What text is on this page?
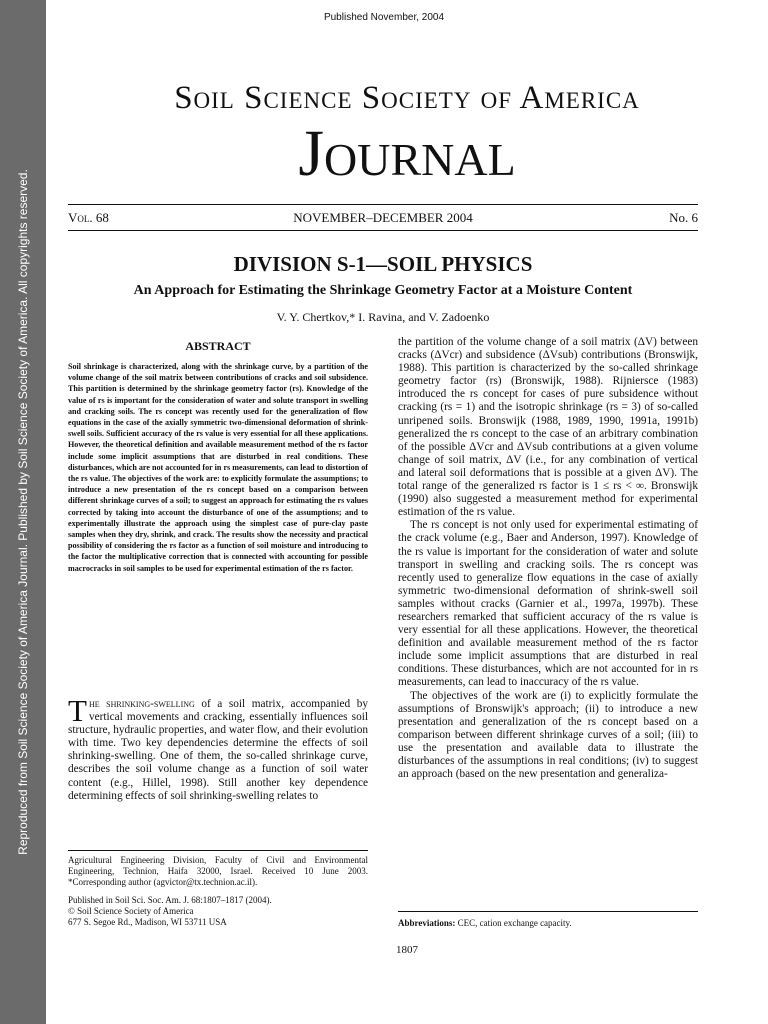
Reproduced from Soil Science Society of America Journal. Published by Soil Science Society of America. All copyrights reserved.
Published November, 2004
Soil Science Society of America
Journal
Vol. 68	NOVEMBER–DECEMBER 2004	No. 6
DIVISION S-1—SOIL PHYSICS
An Approach for Estimating the Shrinkage Geometry Factor at a Moisture Content
V. Y. Chertkov,* I. Ravina, and V. Zadoenko
ABSTRACT

Soil shrinkage is characterized, along with the shrinkage curve, by a partition of the volume change of the soil matrix between contributions of cracks and soil subsidence. This partition is determined by the shrinkage geometry factor (rs). Knowledge of the value of rs is important for the consideration of water and solute transport in swelling and cracking soils. The rs concept was recently used for the generalization of flow equations in the case of the axially symmetric two-dimensional deformation of shrink-swell soils. Sufficient accuracy of the rs value is very essential for all these applications. However, the theoretical definition and available measurement method of the rs factor include some implicit assumptions that are disturbed in real conditions. These disturbances, which are not accounted for in rs measurements, can lead to distortion of the rs value. The objectives of the work are: to explicitly formulate the assumptions; to introduce a new presentation of the rs concept based on a comparison between different shrinkage curves of a soil; to suggest an approach for estimating the rs values corrected by taking into account the disturbance of one of the assumptions; and to experimentally illustrate the approach using the simplest case of pure-clay paste samples when they dry, shrink, and crack. The results show the necessity and practical possibility of considering the rs factor as a function of soil moisture and introducing to the factor the multiplicative correction that is connected with accounting for possible macrocracks in soil samples to be used for experimental estimation of the rs factor.

The shrinking-swelling of a soil matrix, accompanied by vertical movements and cracking, essentially influences soil structure, hydraulic properties, and water flow, and their evolution with time. Two key dependencies determine the effects of soil shrinking-swelling. One of them, the so-called shrinkage curve, describes the soil volume change as a function of soil water content (e.g., Hillel, 1998). Still another key dependence determining effects of soil shrinking-swelling relates to

Agricultural Engineering Division, Faculty of Civil and Environmental Engineering, Technion, Haifa 32000, Israel. Received 10 June 2003. *Corresponding author (agvictor@tx.technion.ac.il).

Published in Soil Sci. Soc. Am. J. 68:1807–1817 (2004).
© Soil Science Society of America
677 S. Segoe Rd., Madison, WI 53711 USA

the partition of the volume change of a soil matrix (ΔV) between cracks (ΔVcr) and subsidence (ΔVsub) contributions (Bronswijk, 1988). This partition is characterized by the so-called shrinkage geometry factor (rs) (Bronswijk, 1988). Rijniersce (1983) introduced the rs concept for cases of pure subsidence without cracking (rs = 1) and the isotropic shrinkage (rs = 3) of so-called unripened soils. Bronswijk (1988, 1989, 1990, 1991a, 1991b) generalized the rs concept to the case of an arbitrary combination of the possible ΔVcr and ΔVsub contributions at a given volume change of soil matrix, ΔV (i.e., for any combination of vertical and lateral soil deformations that is possible at a given ΔV). The total range of the generalized rs factor is 1 ≤ rs < ∞. Bronswijk (1990) also suggested a measurement method for experimental estimation of the rs value.

The rs concept is not only used for experimental estimating of the crack volume (e.g., Baer and Anderson, 1997). Knowledge of the rs value is important for the consideration of water and solute transport in swelling and cracking soils. The rs concept was recently used to generalize flow equations in the case of axially symmetric two-dimensional deformation of shrink-swell soil samples without cracks (Garnier et al., 1997a, 1997b). These researchers remarked that sufficient accuracy of the rs value is very essential for all these applications. However, the theoretical definition and available measurement method of the rs factor include some implicit assumptions that are disturbed in real conditions. These disturbances, which are not accounted for in rs measurements, can lead to inaccuracy of the rs value.

The objectives of the work are (i) to explicitly formulate the assumptions of Bronswijk's approach; (ii) to introduce a new presentation and generalization of the rs concept based on a comparison between different shrinkage curves of a soil; (iii) to use the presentation and available data to illustrate the disturbances of the assumptions in real conditions; (iv) to suggest an approach (based on the new presentation and generaliza-

Abbreviations: CEC, cation exchange capacity.

1807
